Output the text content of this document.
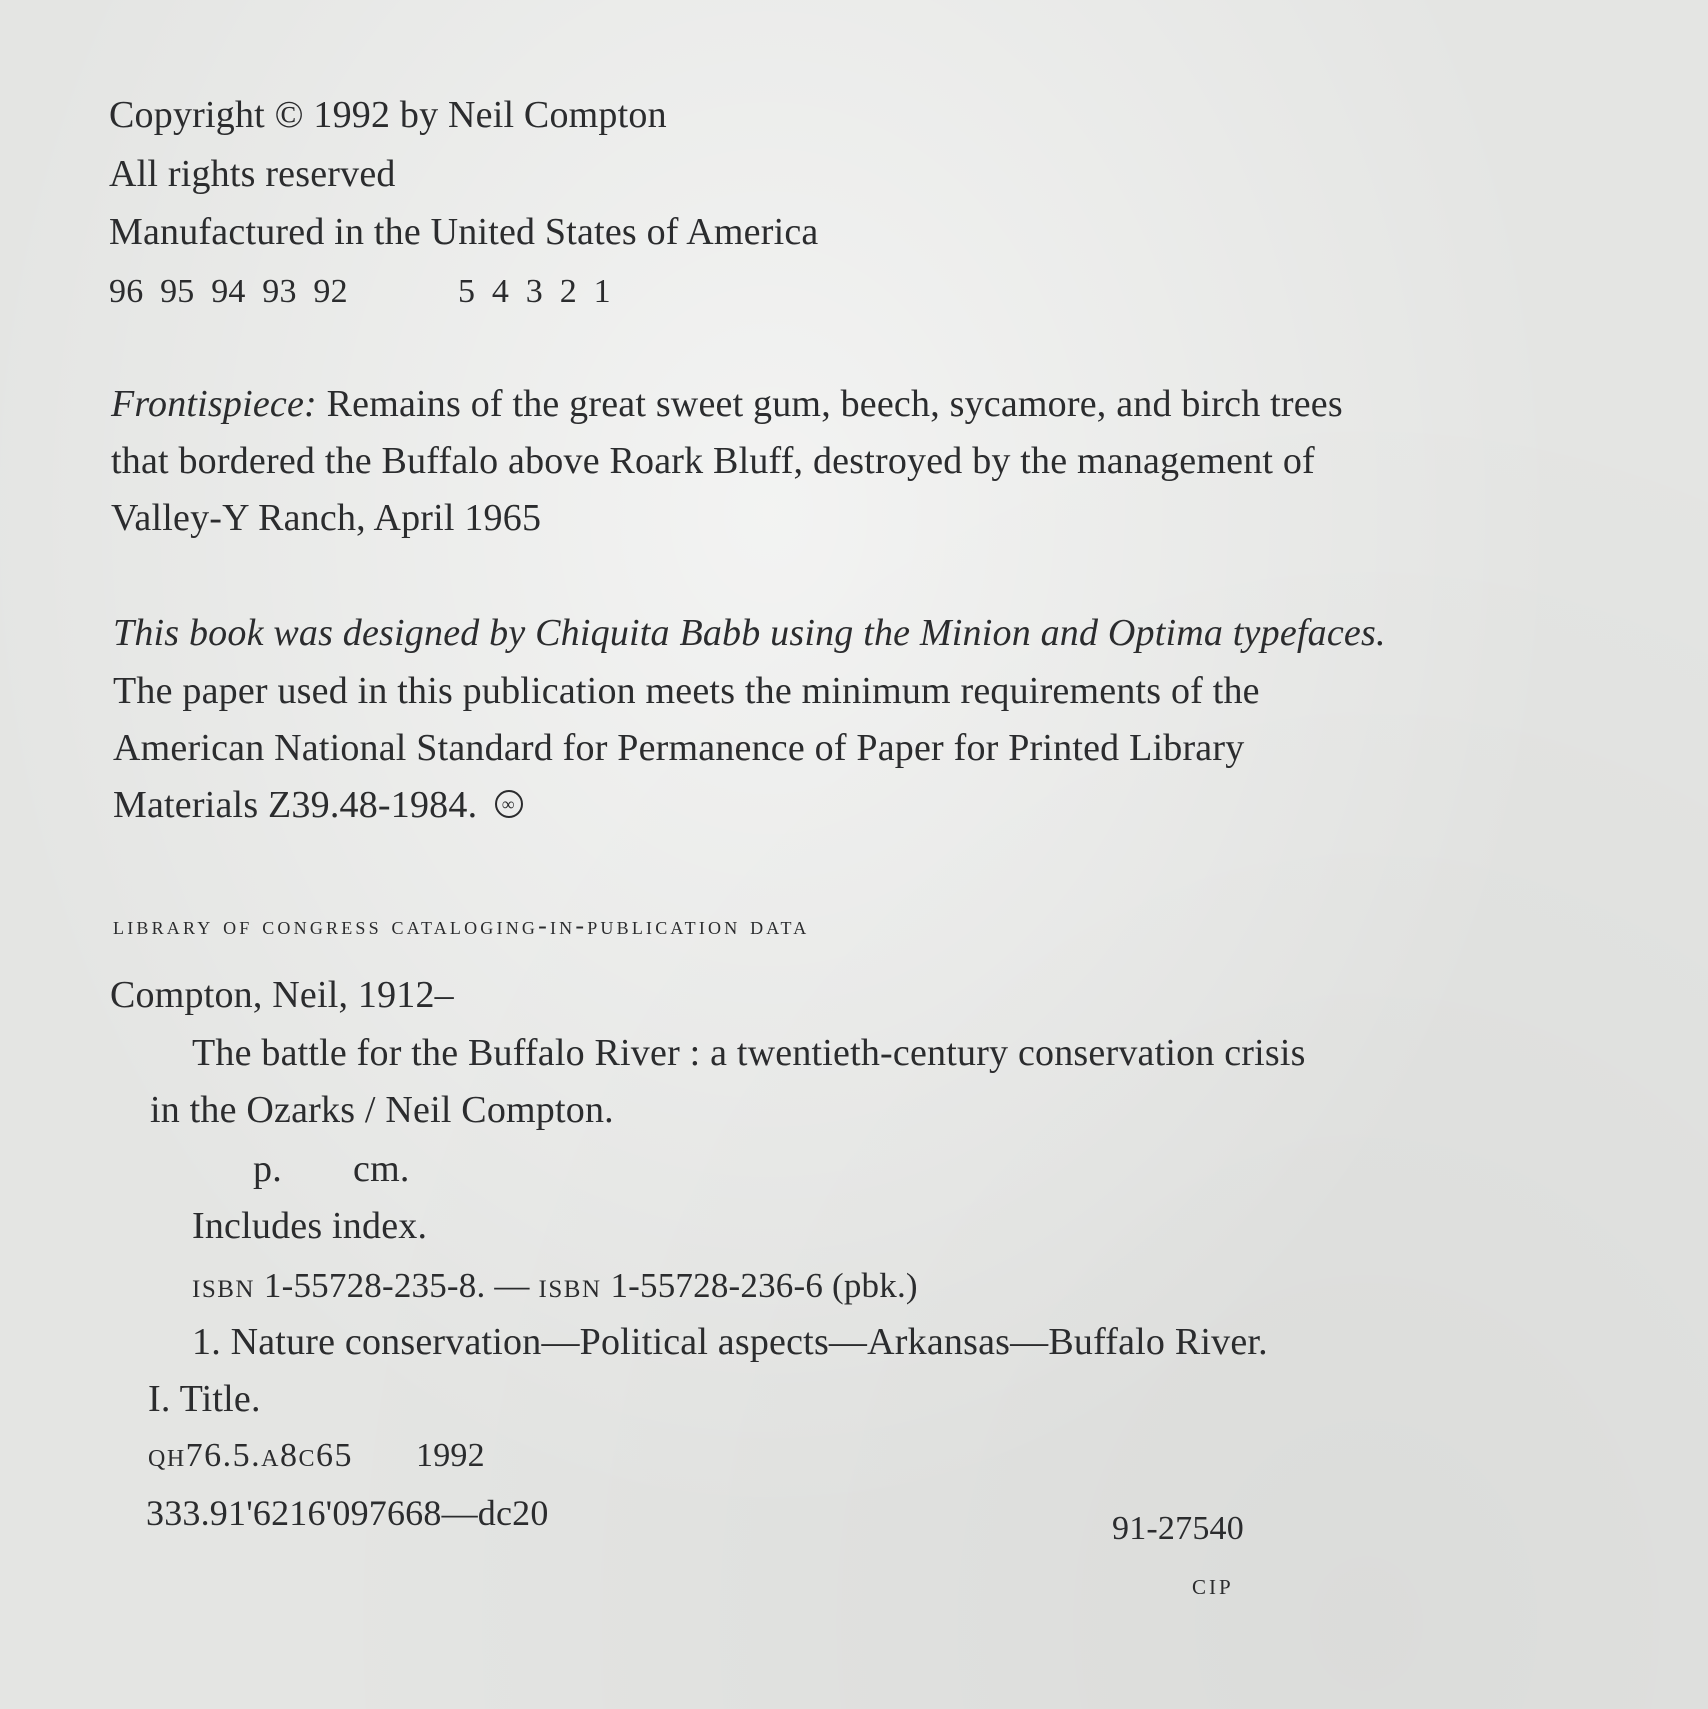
Copyright © 1992 by Neil Compton
All rights reserved
Manufactured in the United States of America
96 95 94 93 92	5 4 3 2 1
Frontispiece: Remains of the great sweet gum, beech, sycamore, and birch trees
that bordered the Buffalo above Roark Bluff, destroyed by the management of
Valley-Y Ranch, April 1965
This book was designed by Chiquita Babb using the Minion and Optima typefaces.
The paper used in this publication meets the minimum requirements of the
American National Standard for Permanence of Paper for Printed Library
Materials Z39.48-1984. ∞
library of congress cataloging-in-publication data
Compton, Neil, 1912–
The battle for the Buffalo River : a twentieth-century conservation crisis
in the Ozarks / Neil Compton.
p. cm.
Includes index.
isbn 1-55728-235-8. — isbn 1-55728-236-6 (pbk.)
1. Nature conservation—Political aspects—Arkansas—Buffalo River.
I. Title.
qh76.5.a8c65 1992
333.91'6216'097668—dc20	91-27540
cip
